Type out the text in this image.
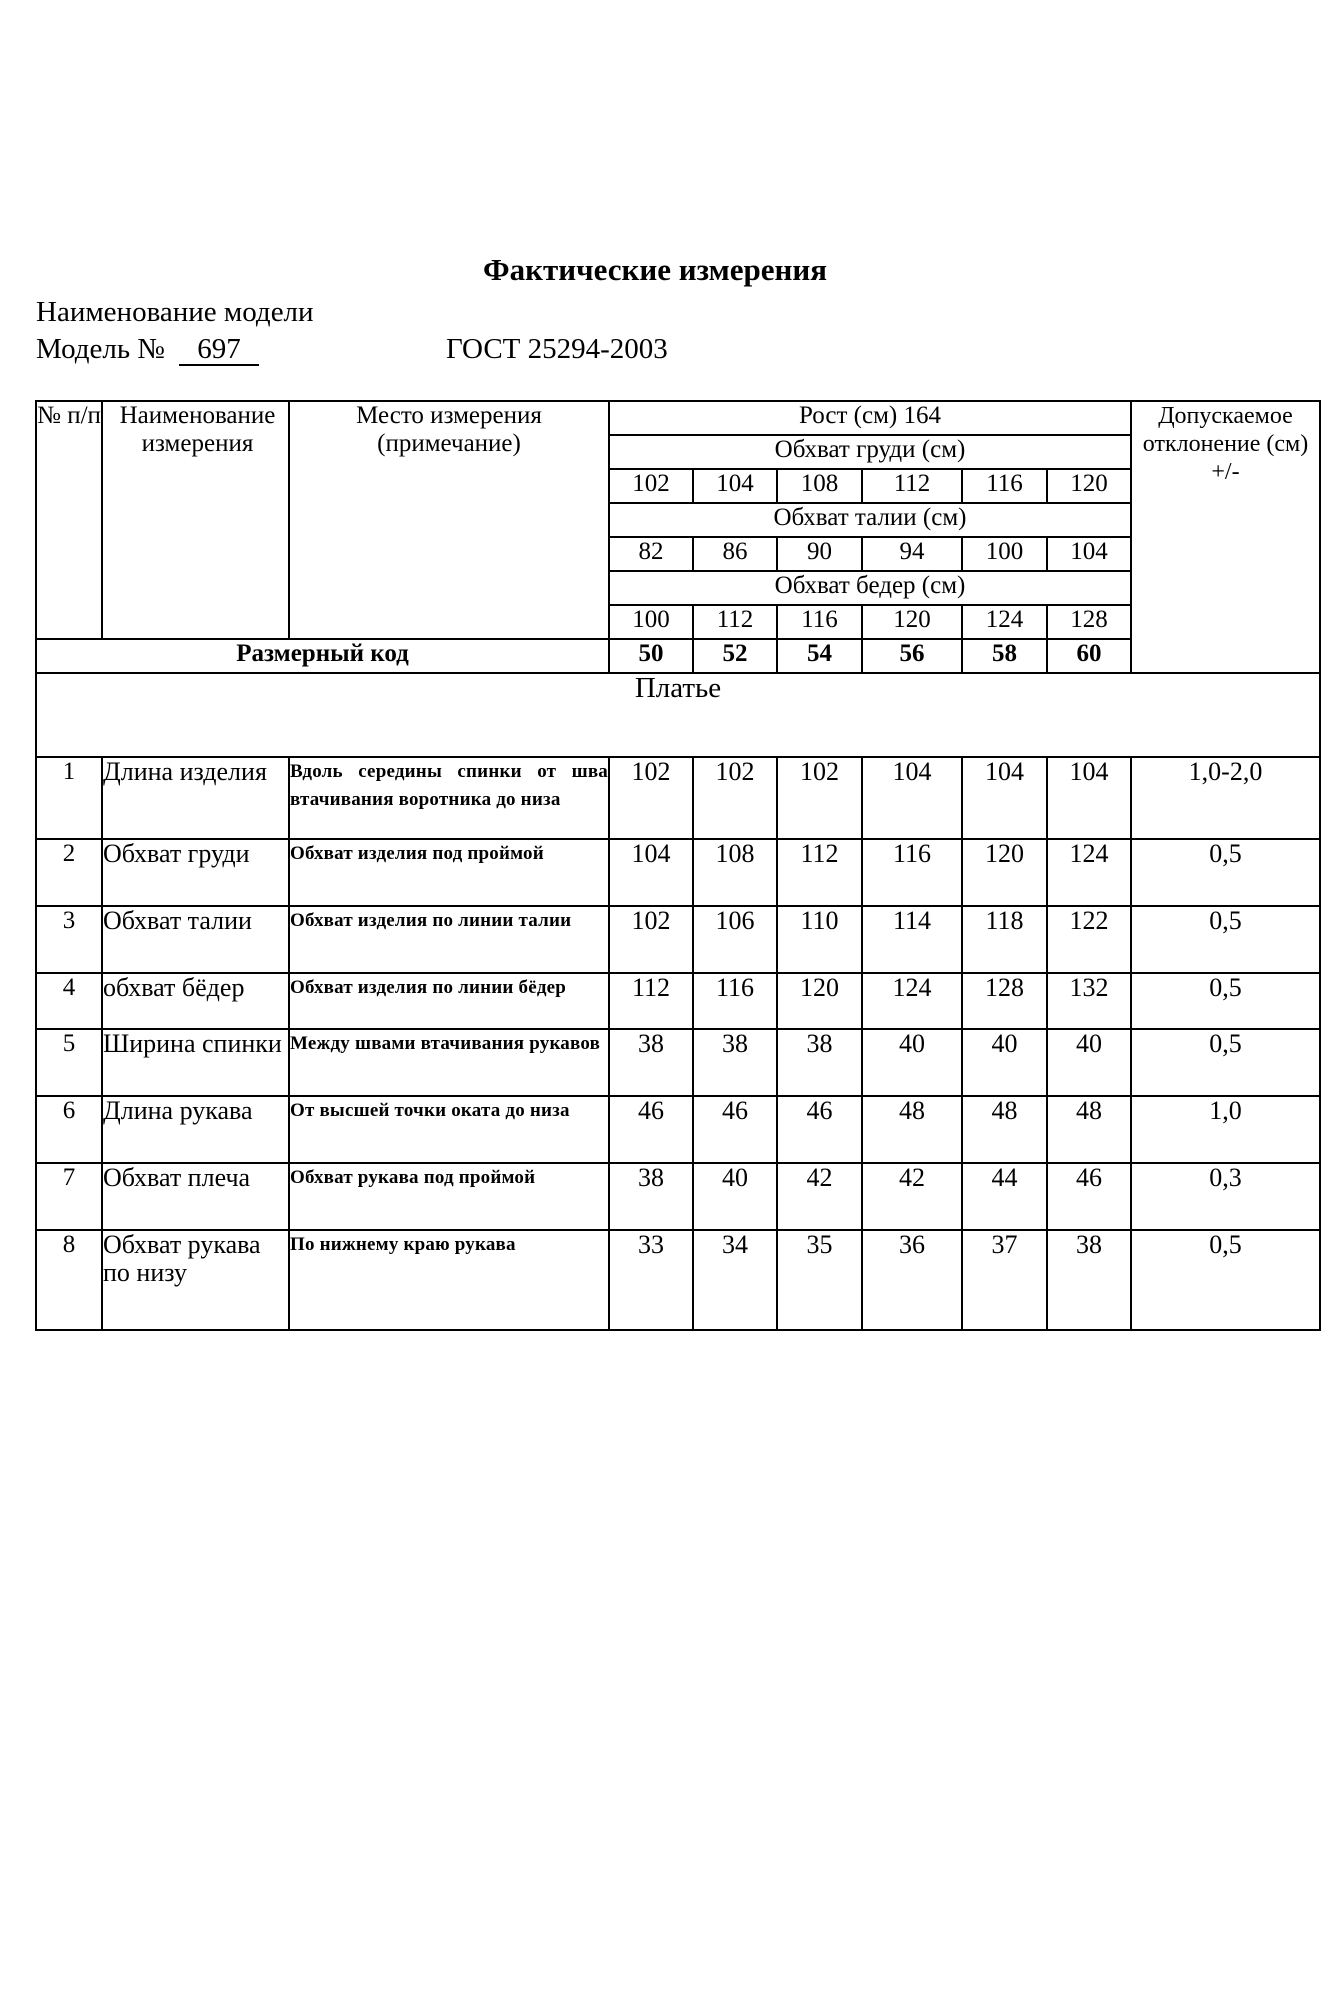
Фактические измерения
Наименование модели
Модель № 697	ГОСТ 25294-2003
№ п/п	Наименование измерения	Место измерения (примечание)	Рост (см) 164						Допускаемое отклонение (см) +/-
			Обхват груди (см)						
			102	104	108	112	116	120	
			Обхват талии (см)						
			82	86	90	94	100	104	
			Обхват бедер (см)						
			100	112	116	120	124	128	
Размерный код			50	52	54	56	58	60	
Платье									
1	Длина изделия	Вдоль середины спинки от шва втачивания воротника до низа	102	102	102	104	104	104	1,0-2,0
2	Обхват груди	Обхват изделия под проймой	104	108	112	116	120	124	0,5
3	Обхват талии	Обхват изделия по линии талии	102	106	110	114	118	122	0,5
4	обхват бёдер	Обхват изделия по линии бёдер	112	116	120	124	128	132	0,5
5	Ширина спинки	Между швами втачивания рукавов	38	38	38	40	40	40	0,5
6	Длина рукава	От высшей точки оката до низа	46	46	46	48	48	48	1,0
7	Обхват плеча	Обхват рукава под проймой	38	40	42	42	44	46	0,3
8	Обхват рукава по низу	По нижнему краю рукава	33	34	35	36	37	38	0,5
